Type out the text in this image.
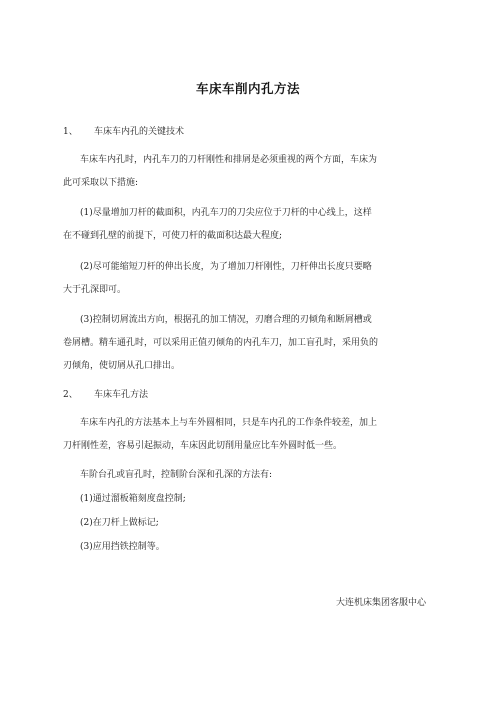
车床车削内孔方法
1、 车床车内孔的关键技术
车床车内孔时，内孔车刀的刀杆刚性和排屑是必须重视的两个方面，车床为
此可采取以下措施:
(1)尽量增加刀杆的截面积，内孔车刀的刀尖应位于刀杆的中心线上，这样
在不碰到孔壁的前提下，可使刀杆的截面积达最大程度;
(2)尽可能缩短刀杆的伸出长度，为了增加刀杆刚性，刀杆伸出长度只要略
大于孔深即可。
(3)控制切屑流出方向，根据孔的加工情况，刃磨合理的刃倾角和断屑槽或
卷屑槽。精车通孔时，可以采用正值刃倾角的内孔车刀，加工盲孔时，采用负的
刃倾角，使切屑从孔口排出。
2、 车床车孔方法
车床车内孔的方法基本上与车外圆相同，只是车内孔的工作条件较差，加上
刀杆刚性差，容易引起振动，车床因此切削用量应比车外圆时低一些。
车阶台孔或盲孔时，控制阶台深和孔深的方法有:
(1)通过溜板箱刻度盘控制;
(2)在刀杆上做标记;
(3)应用挡铁控制等。
大连机床集团客服中心
